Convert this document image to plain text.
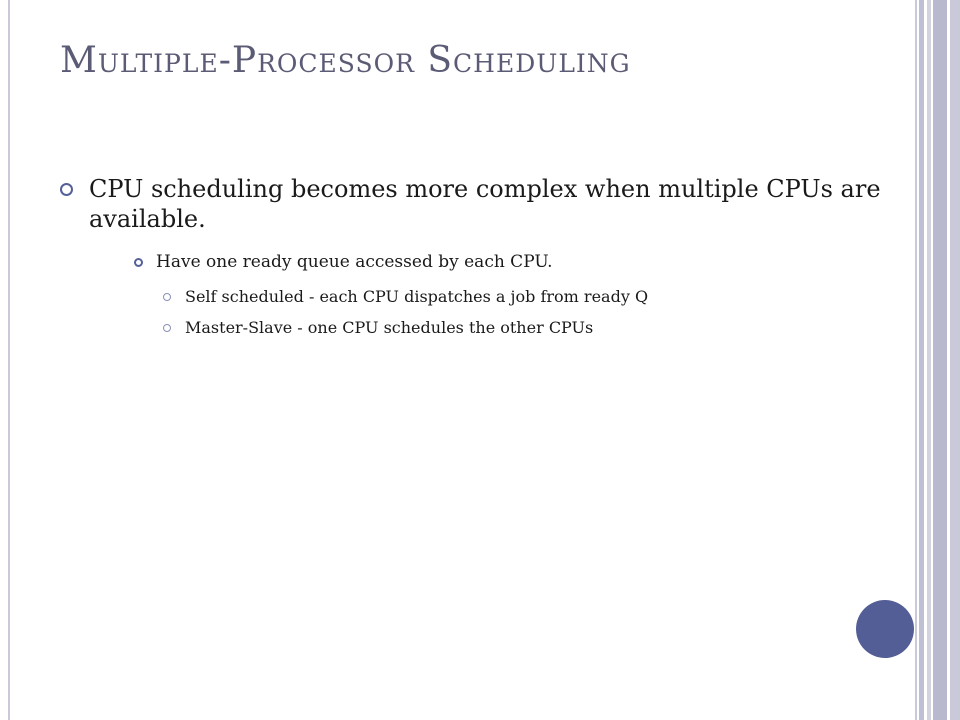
Multiple-Processor Scheduling
CPU scheduling becomes more complex when multiple CPUs are available.
Have one ready queue accessed by each CPU.
Self scheduled - each CPU dispatches a job from ready Q
Master-Slave - one CPU schedules the other CPUs
